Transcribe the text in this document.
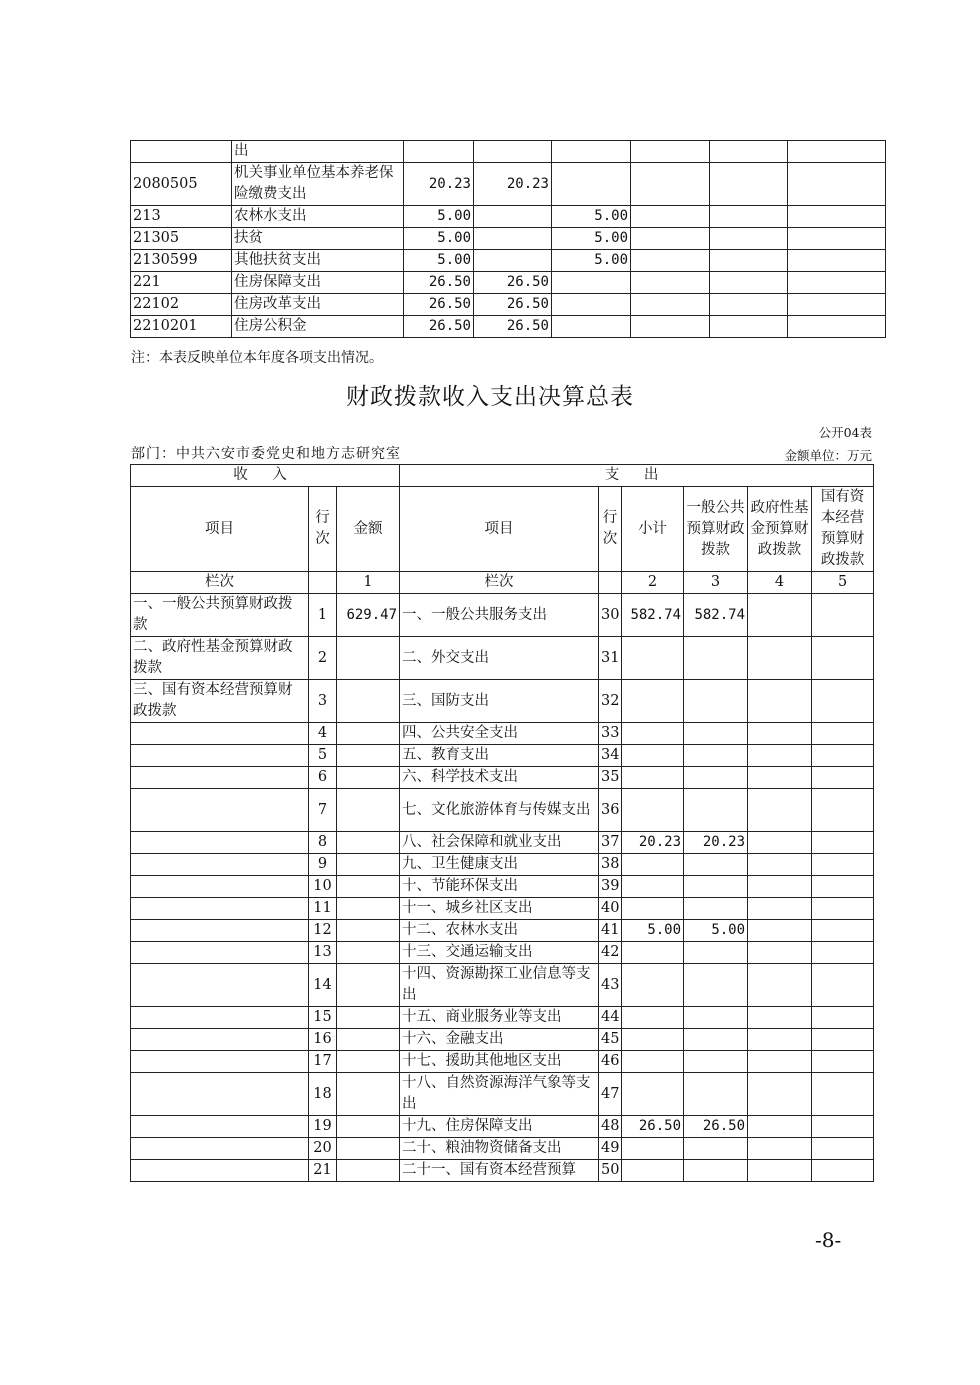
	出						
2080505	机关事业单位基本养老保险缴费支出	20.23	20.23				
213	农林水支出	5.00		5.00			
21305	扶贫	5.00		5.00			
2130599	其他扶贫支出	5.00		5.00			
221	住房保障支出	26.50	26.50				
22102	住房改革支出	26.50	26.50				
2210201	住房公积金	26.50	26.50				
注：本表反映单位本年度各项支出情况。
财政拨款收入支出决算总表
公开04表
部门：中共六安市委党史和地方志研究室	金额单位：万元
收 入			支 出					
项目	行次	金额	项目	行次	小计	一般公共预算财政拨款	政府性基金预算财政拨款	国有资本经营预算财政拨款
栏次		1	栏次		2	3	4	5
一、一般公共预算财政拨款	1	629.47	一、一般公共服务支出	30	582.74	582.74		
二、政府性基金预算财政拨款	2		二、外交支出	31				
三、国有资本经营预算财政拨款	3		三、国防支出	32				
	4		四、公共安全支出	33				
	5		五、教育支出	34				
	6		六、科学技术支出	35				
	7		七、文化旅游体育与传媒支出	36				
	8		八、社会保障和就业支出	37	20.23	20.23		
	9		九、卫生健康支出	38				
	10		十、节能环保支出	39				
	11		十一、城乡社区支出	40				
	12		十二、农林水支出	41	5.00	5.00		
	13		十三、交通运输支出	42				
	14		十四、资源勘探工业信息等支出	43				
	15		十五、商业服务业等支出	44				
	16		十六、金融支出	45				
	17		十七、援助其他地区支出	46				
	18		十八、自然资源海洋气象等支出	47				
	19		十九、住房保障支出	48	26.50	26.50		
	20		二十、粮油物资储备支出	49				
	21		二十一、国有资本经营预算	50				
-8-
